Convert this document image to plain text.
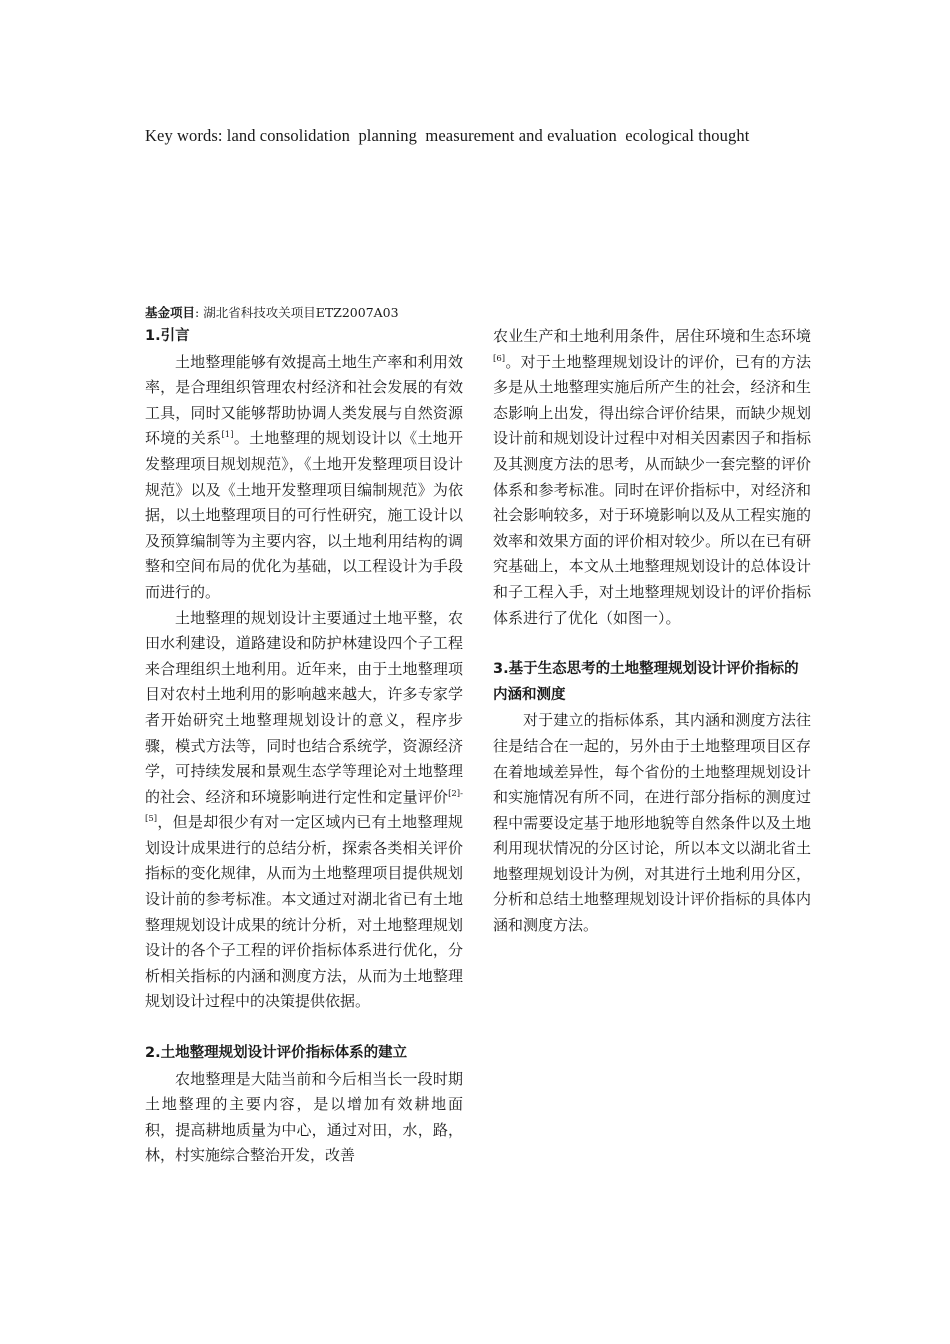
Key words: land consolidation  planning  measurement and evaluation  ecological thought
基金项目: 湖北省科技攻关项目ETZ2007A03

1.引言

土地整理能够有效提高土地生产率和利用效率，是合理组织管理农村经济和社会发展的有效工具，同时又能够帮助协调人类发展与自然资源环境的关系[1]。土地整理的规划设计以《土地开发整理项目规划规范》，《土地开发整理项目设计规范》以及《土地开发整理项目编制规范》为依据，以土地整理项目的可行性研究，施工设计以及预算编制等为主要内容，以土地利用结构的调整和空间布局的优化为基础，以工程设计为手段而进行的。

土地整理的规划设计主要通过土地平整，农田水利建设，道路建设和防护林建设四个子工程来合理组织土地利用。近年来，由于土地整理项目对农村土地利用的影响越来越大，许多专家学者开始研究土地整理规划设计的意义，程序步骤，模式方法等，同时也结合系统学，资源经济学，可持续发展和景观生态学等理论对土地整理的社会、经济和环境影响进行定性和定量评价[2]-[5]，但是却很少有对一定区域内已有土地整理规划设计成果进行的总结分析，探索各类相关评价指标的变化规律，从而为土地整理项目提供规划设计前的参考标准。本文通过对湖北省已有土地整理规划设计成果的统计分析，对土地整理规划设计的各个子工程的评价指标体系进行优化，分析相关指标的内涵和测度方法，从而为土地整理规划设计过程中的决策提供依据。

2.土地整理规划设计评价指标体系的建立

农地整理是大陆当前和今后相当长一段时期土地整理的主要内容，是以增加有效耕地面　积，提高耕地质量为中心，通过对田，水，路，林，村实施综合整治开发，改善

农业生产和土地利用条件，居住环境和生态环境[6]。对于土地整理规划设计的评价，已有的方法多是从土地整理实施后所产生的社会，经济和生态影响上出发，得出综合评价结果，而缺少规划设计前和规划设计过程中对相关因素因子和指标及其测度方法的思考，从而缺少一套完整的评价体系和参考标准。同时在评价指标中，对经济和社会影响较多，对于环境影响以及从工程实施的效率和效果方面的评价相对较少。所以在已有研究基础上，本文从土地整理规划设计的总体设计和子工程入手，对土地整理规划设计的评价指标体系进行了优化（如图一）。

3.基于生态思考的土地整理规划设计评价指标的内涵和测度

对于建立的指标体系，其内涵和测度方法往往是结合在一起的，另外由于土地整理项目区存在着地域差异性，每个省份的土地整理规划设计和实施情况有所不同，在进行部分指标的测度过程中需要设定基于地形地貌等自然条件以及土地利用现状情况的分区讨论，所以本文以湖北省土地整理规划设计为例，对其进行土地利用分区，分析和总结土地整理规划设计评价指标的具体内涵和测度方法。
